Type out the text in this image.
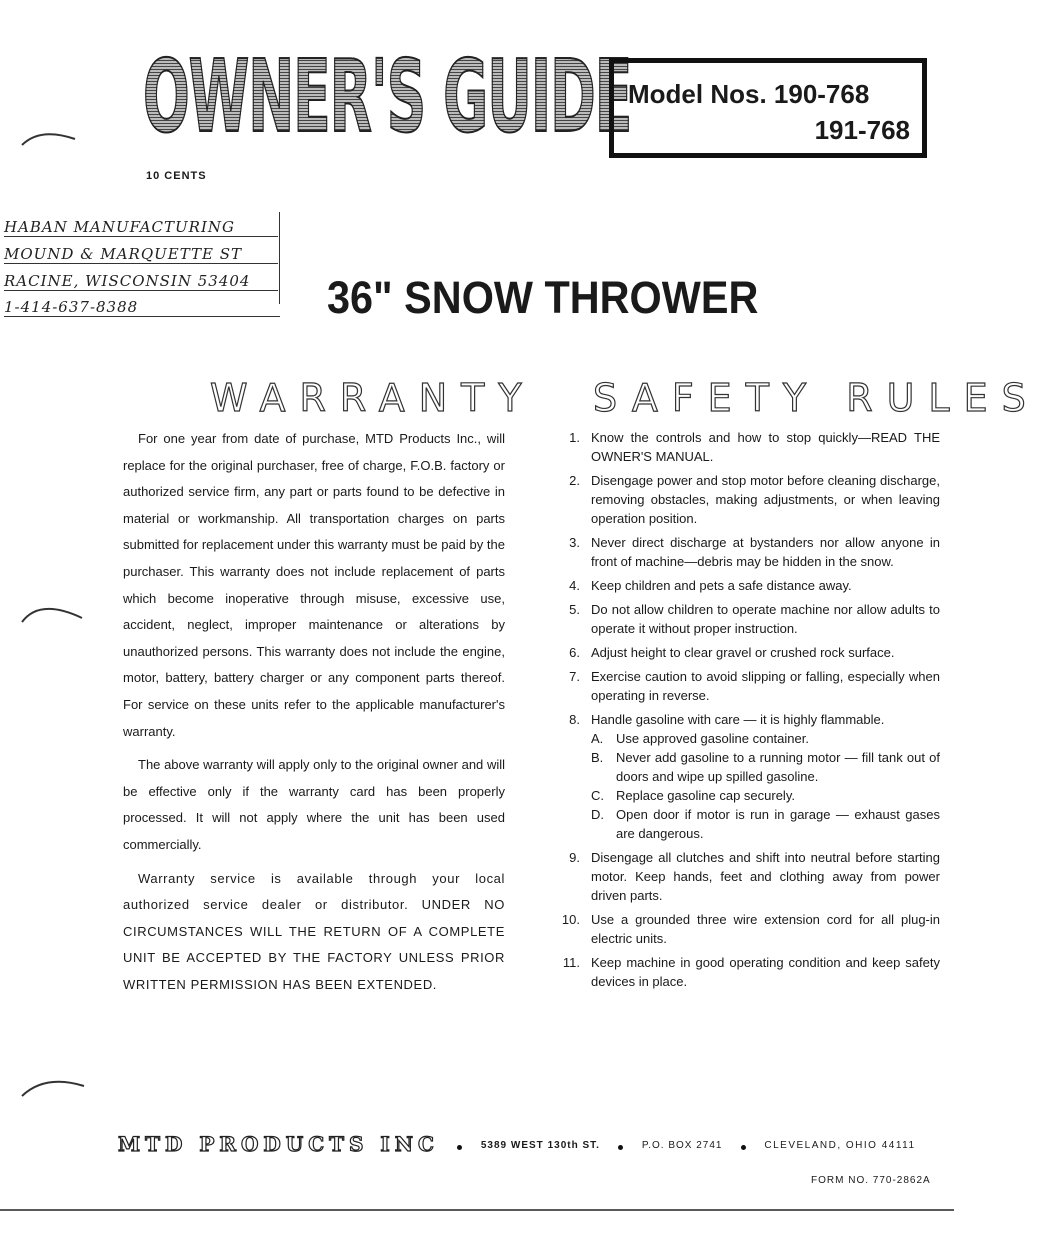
OWNER'S GUIDE
10 CENTS
Model Nos. 190-768
191-768
HABAN MANUFACTURING
MOUND & MARQUETTE ST
RACINE, WISCONSIN 53404
1-414-637-8388	36" SNOW THROWER
WARRANTY SAFETY RULES

For one year from date of purchase, MTD Products Inc., will replace for the original purchaser, free of charge, F.O.B. factory or authorized service firm, any part or parts found to be defective in material or workmanship. All transportation charges on parts submitted for replacement under this warranty must be paid by the purchaser. This warranty does not include replacement of parts which become inoperative through misuse, excessive use, accident, neglect, improper maintenance or alterations by unauthorized persons. This warranty does not include the engine, motor, battery, battery charger or any component parts thereof. For service on these units refer to the applicable manufacturer's warranty.

The above warranty will apply only to the original owner and will be effective only if the warranty card has been properly processed. It will not apply where the unit has been used commercially.

Warranty service is available through your local authorized service dealer or distributor. UNDER NO CIRCUMSTANCES WILL THE RETURN OF A COMPLETE UNIT BE ACCEPTED BY THE FACTORY UNLESS PRIOR WRITTEN PERMISSION HAS BEEN EXTENDED.

1. Know the controls and how to stop quickly—READ THE OWNER'S MANUAL.
2. Disengage power and stop motor before cleaning discharge, removing obstacles, making adjustments, or when leaving operation position.
3. Never direct discharge at bystanders nor allow anyone in front of machine—debris may be hidden in the snow.
4. Keep children and pets a safe distance away.
5. Do not allow children to operate machine nor allow adults to operate it without proper instruction.
6. Adjust height to clear gravel or crushed rock surface.
7. Exercise caution to avoid slipping or falling, especially when operating in reverse.
8. Handle gasoline with care — it is highly flammable.
A. Use approved gasoline container.
B. Never add gasoline to a running motor — fill tank out of doors and wipe up spilled gasoline.
C. Replace gasoline cap securely.
D. Open door if motor is run in garage — exhaust gases are dangerous.
9. Disengage all clutches and shift into neutral before starting motor. Keep hands, feet and clothing away from power driven parts.
10. Use a grounded three wire extension cord for all plug-in electric units.
11. Keep machine in good operating condition and keep safety devices in place.
MTD PRODUCTS INC	5389 WEST 130th ST.	P.O. BOX 2741	CLEVELAND, OHIO 44111
FORM NO. 770-2862A
